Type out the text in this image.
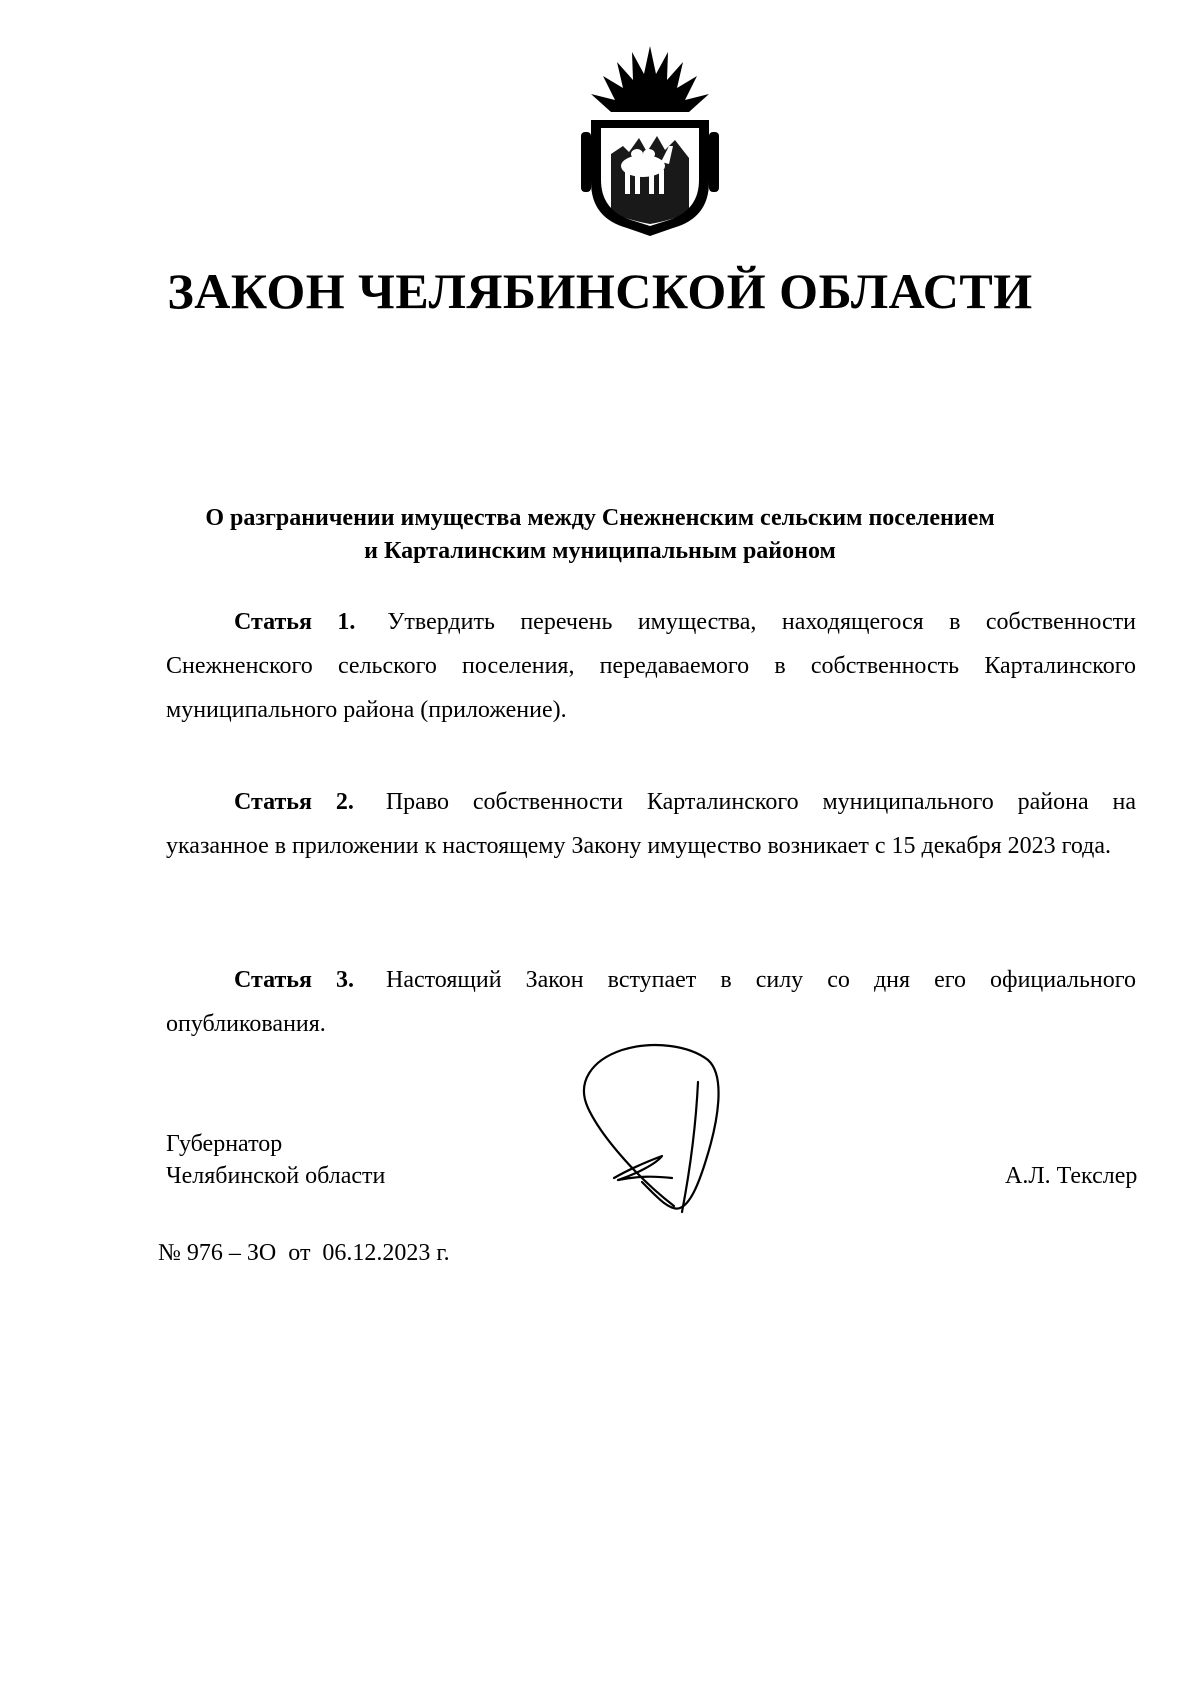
ЗАКОН ЧЕЛЯБИНСКОЙ ОБЛАСТИ
О разграничении имущества между Снежненским сельским поселением
и Карталинским муниципальным районом
Статья 1. Утвердить перечень имущества, находящегося в собственности Снежненского сельского поселения, передаваемого в собственность Карталинского муниципального района (приложение).
Статья 2. Право собственности Карталинского муниципального района на указанное в приложении к настоящему Закону имущество возникает с 15 декабря 2023 года.
Статья 3. Настоящий Закон вступает в силу со дня его официального опубликования.
Губернатор
Челябинской области	А.Л. Текслер
№ 976 – ЗО  от  06.12.2023 г.
